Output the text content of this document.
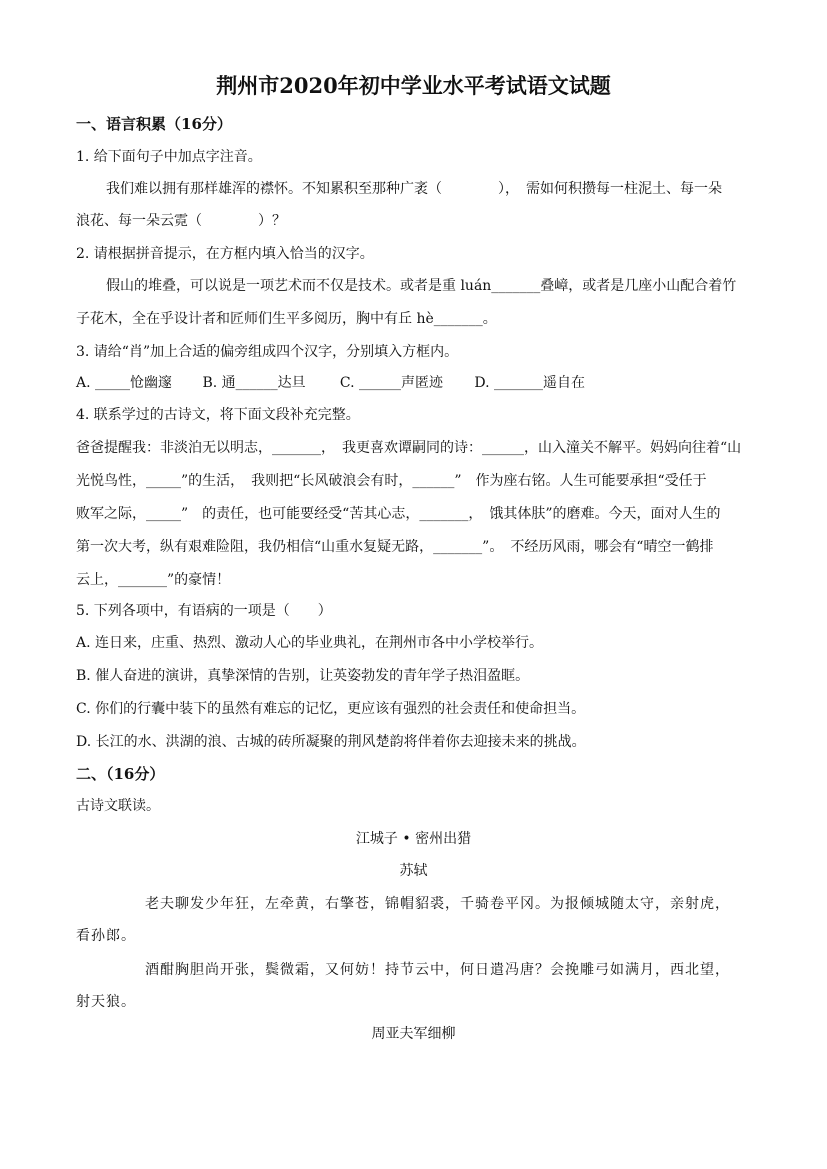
荆州市2020年初中学业水平考试语文试题
一、语言积累（16分）
1. 给下面句子中加点字注音。
我们难以拥有那样雄浑的襟怀。不知累积至那种广袤（　　　　），　需如何积攒每一柱泥土、每一朵
浪花、每一朵云霓（　　　　）？
2. 请根据拼音提示，在方框内填入恰当的汉字。
假山的堆叠，可以说是一项艺术而不仅是技术。或者是重 luán_______叠嶂，或者是几座小山配合着竹
子花木，全在乎设计者和匠师们生平多阅历，胸中有丘 hè_______。
3. 请给“肖”加上合适的偏旁组成四个汉字，分别填入方框内。
A. _____怆幽邃 B. 通______达旦 C. ______声匿迹 D. _______遥自在
4. 联系学过的古诗文，将下面文段补充完整。
爸爸提醒我：非淡泊无以明志，_______，　我更喜欢谭嗣同的诗：______，山入潼关不解平。妈妈向往着“山
光悦鸟性，_____”的生活，　我则把“长风破浪会有时，______”　作为座右铭。人生可能要承担“受任于
败军之际，_____”　的责任，也可能要经受“苦其心志，_______，　饿其体肤”的磨难。今天，面对人生的
第一次大考，纵有艰难险阻，我仍相信“山重水复疑无路，_______”。　不经历风雨，哪会有“晴空一鹤排
云上，_______”的豪情！
5. 下列各项中，有语病的一项是（　　）
A. 连日来，庄重、热烈、激动人心的毕业典礼，在荆州市各中小学校举行。
B. 催人奋进的演讲，真挚深情的告别，让英姿勃发的青年学子热泪盈眶。
C. 你们的行囊中装下的虽然有难忘的记忆，更应该有强烈的社会责任和使命担当。
D. 长江的水、洪湖的浪、古城的砖所凝聚的荆风楚韵将伴着你去迎接未来的挑战。
二、（16分）
古诗文联读。
江城子 • 密州出猎
苏轼
老夫聊发少年狂，左牵黄，右擎苍，锦帽貂裘，千骑卷平冈。为报倾城随太守，亲射虎，
看孙郎。
酒酣胸胆尚开张，鬓微霜，又何妨！持节云中，何日遣冯唐？会挽雕弓如满月，西北望，
射天狼。
周亚夫军细柳
